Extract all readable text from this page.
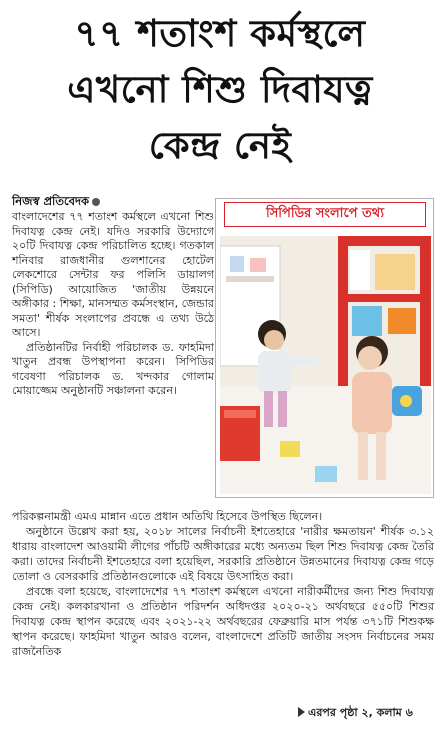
৭৭ শতাংশ কর্মস্থলে
এখনো শিশু দিবাযত্ন
কেন্দ্র নেই
নিজস্ব প্রতিবেদক

বাংলাদেশের ৭৭ শতাংশ কর্মস্থলে এখনো শিশু দিবাযত্ন কেন্দ্র নেই। যদিও সরকারি উদ্যোগে ২০টি দিবাযত্ন কেন্দ্র পরিচালিত হচ্ছে। গতকাল শনিবার রাজধানীর গুলশানের হোটেল লেকশোরে সেন্টার ফর পলিসি ডায়ালগ (সিপিডি) আয়োজিত 'জাতীয় উন্নয়নে অঙ্গীকার : শিক্ষা, মানসম্মত কর্মসংস্থান, জেন্ডার সমতা' শীর্ষক সংলাপের প্রবন্ধে এ তথ্য উঠে আসে।

প্রতিষ্ঠানটির নির্বাহী পরিচালক ড. ফাহমিদা খাতুন প্রবন্ধ উপস্থাপনা করেন। সিপিডির গবেষণা পরিচালক ড. খন্দকার গোলাম মোয়াজ্জেম অনুষ্ঠানটি সঞ্চালনা করেন।

সিপিডির সংলাপে তথ্য

পরিকল্পনামন্ত্রী এমএ মান্নান এতে প্রধান অতিথি হিসেবে উপস্থিত ছিলেন।

অনুষ্ঠানে উল্লেখ করা হয়, ২০১৮ সালের নির্বাচনী ইশতেহারে 'নারীর ক্ষমতায়ন' শীর্ষক ৩.১২ ধারায় বাংলাদেশ আওয়ামী লীগের পাঁচটি অঙ্গীকারের মধ্যে অন্যতম ছিল শিশু দিবাযত্ন কেন্দ্র তৈরি করা। তাদের নির্বাচনী ইশতেহারে বলা হয়েছিল, সরকারি প্রতিষ্ঠানে উন্নতমানের দিবাযত্ন কেন্দ্র গড়ে তোলা ও বেসরকারি প্রতিষ্ঠানগুলোকে এই বিষয়ে উৎসাহিত করা।

প্রবন্ধে বলা হয়েছে, বাংলাদেশের ৭৭ শতাংশ কর্মস্থলে এখনো নারীকর্মীদের জন্য শিশু দিবাযত্ন কেন্দ্র নেই। কলকারখানা ও প্রতিষ্ঠান পরিদর্শন অধিদপ্তর ২০২০-২১ অর্থবছরে ৫৫০টি শিশুর দিবাযত্ন কেন্দ্র স্থাপন করেছে এবং ২০২১-২২ অর্থবছরের ফেব্রুয়ারি মাস পর্যন্ত ৩৭১টি শিশুকক্ষ স্থাপন করেছে। ফাহমিদা খাতুন আরও বলেন, বাংলাদেশে প্রতিটি জাতীয় সংসদ নির্বাচনের সময় রাজনৈতিক

এরপর পৃষ্ঠা ২, কলাম ৬
